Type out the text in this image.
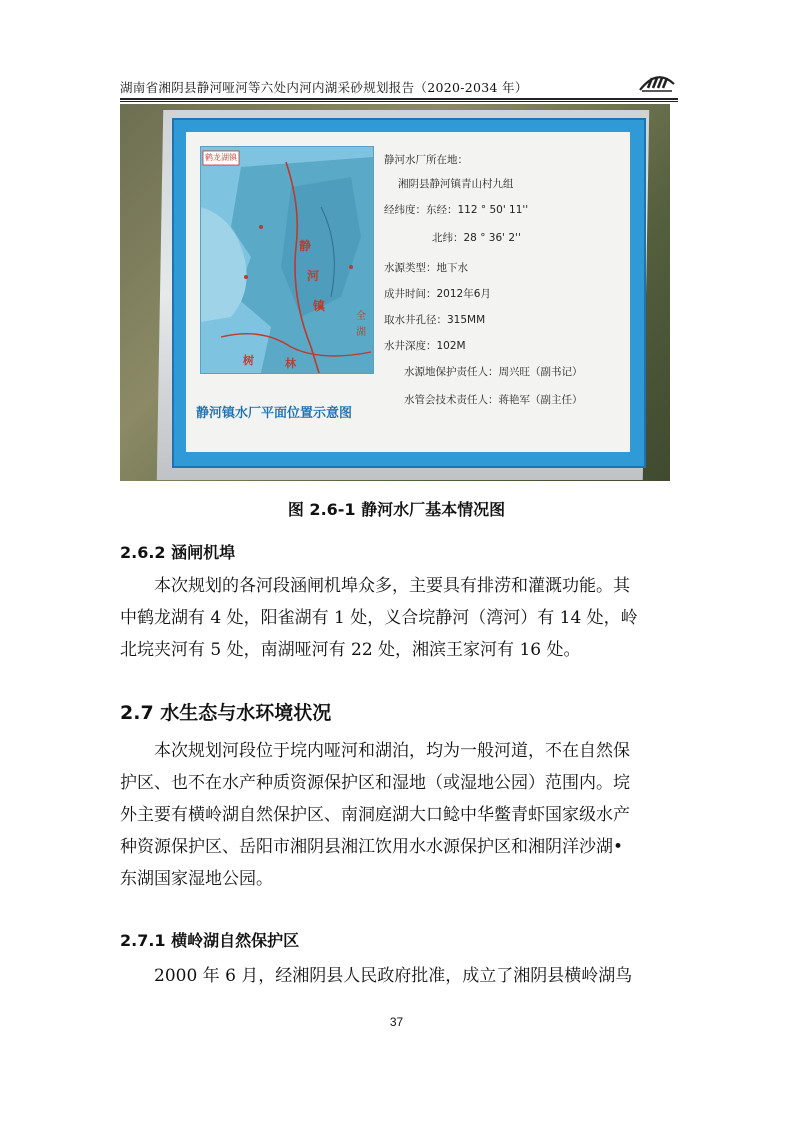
湖南省湘阴县静河哑河等六处内河内湖采砂规划报告（2020-2034 年）
鹤龙湖镇
静
河
镇
全
湖
树	林
静河镇水厂平面位置示意图
静河水厂所在地：
湘阴县静河镇青山村九组
经纬度：东经：112 ° 50' 11''
北纬：28 ° 36' 2''
水源类型：地下水
成井时间：2012年6月
取水井孔径：315MM
水井深度：102M
水源地保护责任人：周兴旺（副书记）
水管会技术责任人：蒋艳军（副主任）
图 2.6-1 静河水厂基本情况图
2.6.2 涵闸机埠
本次规划的各河段涵闸机埠众多，主要具有排涝和灌溉功能。其
中鹤龙湖有 4 处，阳雀湖有 1 处，义合垸静河（湾河）有 14 处，岭
北垸夹河有 5 处，南湖哑河有 22 处，湘滨王家河有 16 处。
2.7 水生态与水环境状况
本次规划河段位于垸内哑河和湖泊，均为一般河道，不在自然保
护区、也不在水产种质资源保护区和湿地（或湿地公园）范围内。垸
外主要有横岭湖自然保护区、南洞庭湖大口鲶中华鳖青虾国家级水产
种资源保护区、岳阳市湘阴县湘江饮用水水源保护区和湘阴洋沙湖•
东湖国家湿地公园。
2.7.1 横岭湖自然保护区
2000 年 6 月，经湘阴县人民政府批准，成立了湘阴县横岭湖鸟
37
